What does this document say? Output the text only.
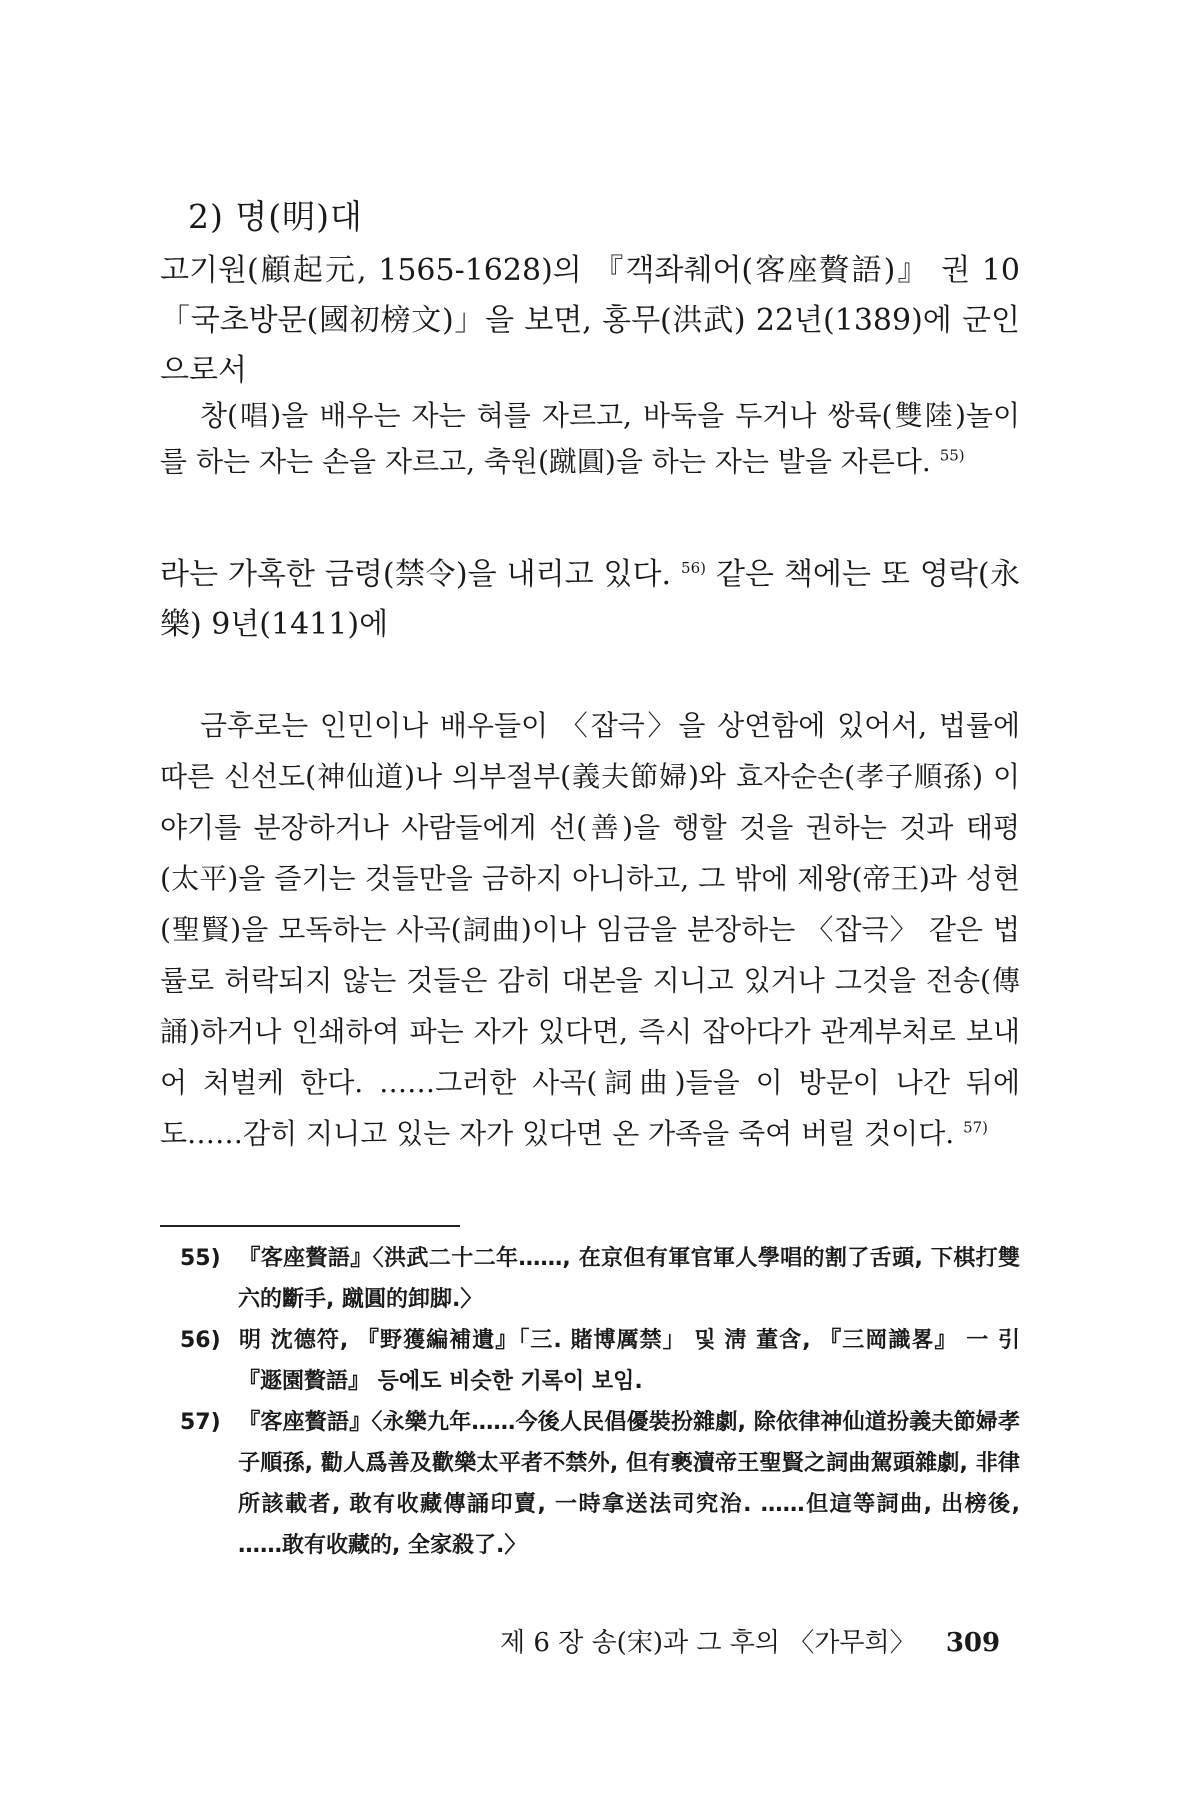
2) 명(明)대

고기원(顧起元, 1565-1628)의 『객좌췌어(客座贅語)』 권 10 「국초방문(國初榜文)」을 보면, 홍무(洪武) 22년(1389)에 군인으로서

창(唱)을 배우는 자는 혀를 자르고, 바둑을 두거나 쌍륙(雙陸)놀이를 하는 자는 손을 자르고, 축원(蹴圓)을 하는 자는 발을 자른다. $^{55)}$

라는 가혹한 금령(禁令)을 내리고 있다. $^{56)}$ 같은 책에는 또 영락(永樂) 9년(1411)에

금후로는 인민이나 배우들이 〈잡극〉을 상연함에 있어서, 법률에 따른 신선도(神仙道)나 의부절부(義夫節婦)와 효자순손(孝子順孫) 이야기를 분장하거나 사람들에게 선(善)을 행할 것을 권하는 것과 태평(太平)을 즐기는 것들만을 금하지 아니하고, 그 밖에 제왕(帝王)과 성현(聖賢)을 모독하는 사곡(詞曲)이나 임금을 분장하는 〈잡극〉 같은 법률로 허락되지 않는 것들은 감히 대본을 지니고 있거나 그것을 전송(傳誦)하거나 인쇄하여 파는 자가 있다면, 즉시 잡아다가 관계부처로 보내어 처벌케 한다. ……그러한 사곡(詞曲)들을 이 방문이 나간 뒤에도……감히 지니고 있는 자가 있다면 온 가족을 죽여 버릴 것이다. $^{57)}$

55) 『客座贅語』〈洪武二十二年……, 在京但有軍官軍人學唱的割了舌頭, 下棋打雙六的斷手, 蹴圓的卸脚.〉

56) 明 沈德符, 『野獲編補遺』「三. 賭博厲禁」 및 淸 董含, 『三岡識畧』 一 引 『遯園贅語』 등에도 비슷한 기록이 보임.

57) 『客座贅語』〈永樂九年……今後人民倡優裝扮雜劇, 除依律神仙道扮義夫節婦孝子順孫, 勸人爲善及歡樂太平者不禁外, 但有褻瀆帝王聖賢之詞曲駕頭雜劇, 非律所該載者, 敢有收藏傳誦印賣, 一時拿送法司究治. ……但這等詞曲, 出榜後, ……敢有收藏的, 全家殺了.〉

제 6 장 송(宋)과 그 후의 〈가무희〉 309
